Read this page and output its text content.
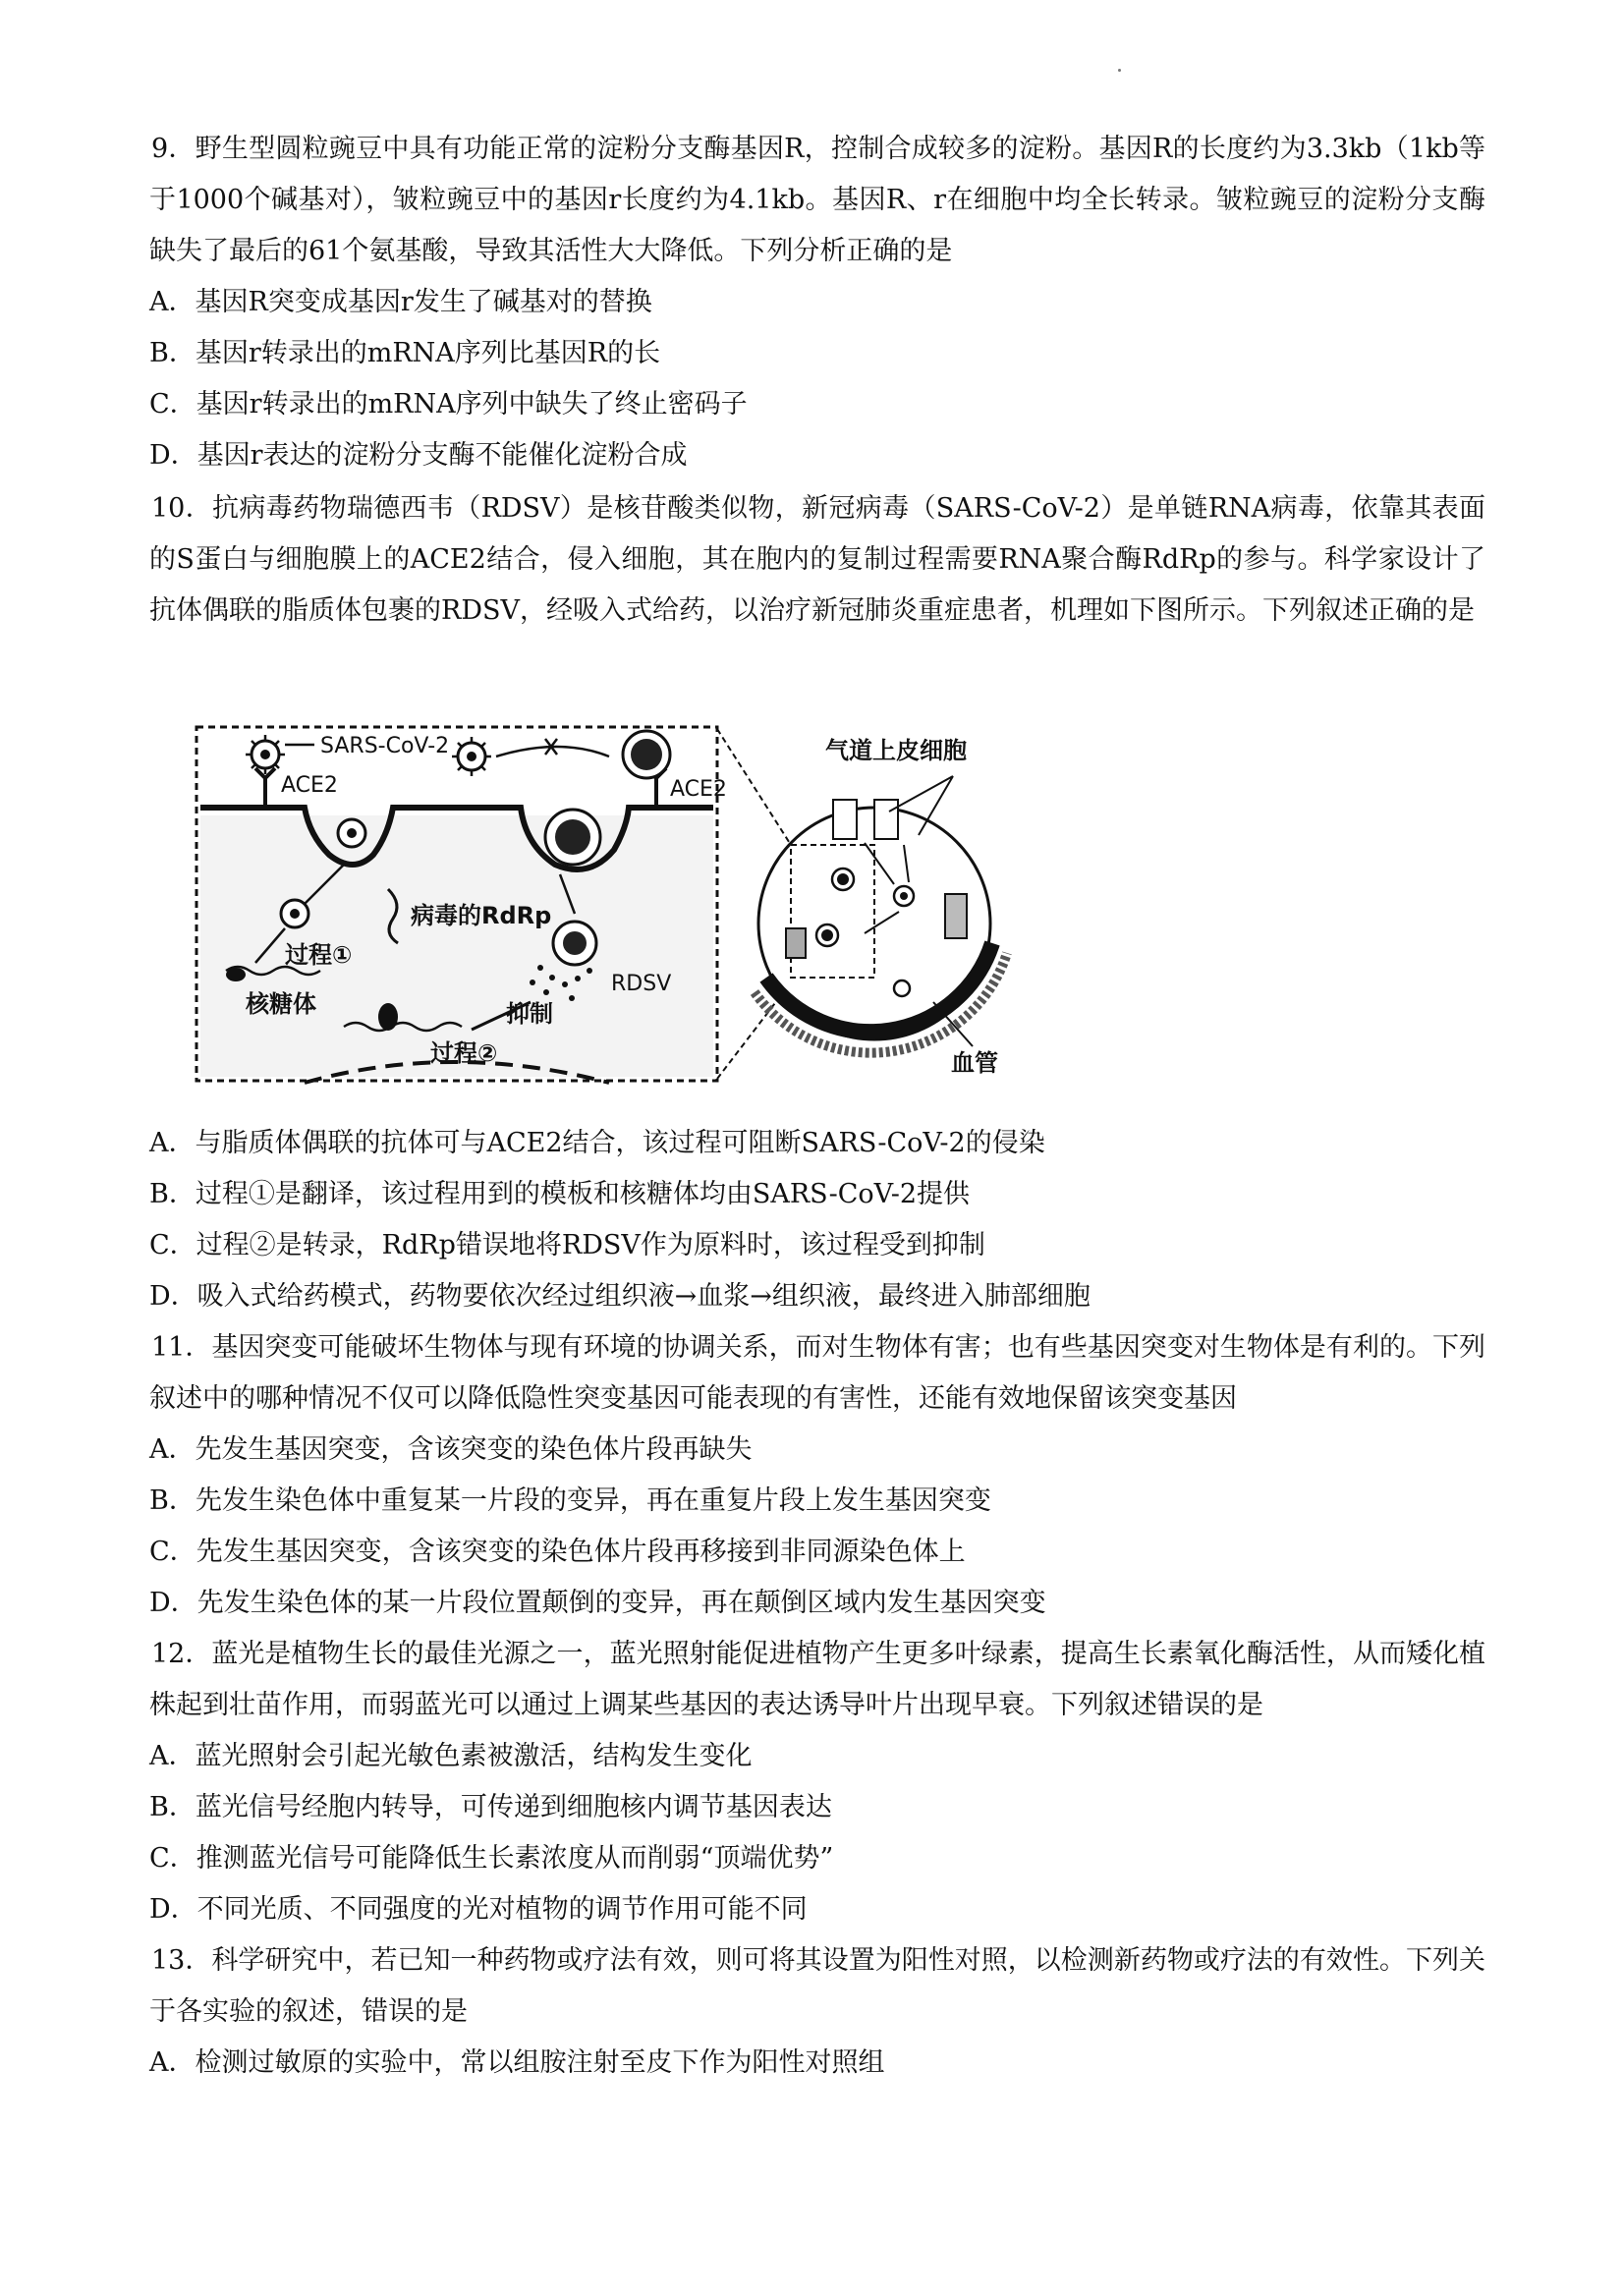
9．野生型圆粒豌豆中具有功能正常的淀粉分支酶基因R，控制合成较多的淀粉。基因R的长度约为3.3kb（1kb等于1000个碱基对），皱粒豌豆中的基因r长度约为4.1kb。基因R、r在细胞中均全长转录。皱粒豌豆的淀粉分支酶缺失了最后的61个氨基酸，导致其活性大大降低。下列分析正确的是

A．基因R突变成基因r发生了碱基对的替换

B．基因r转录出的mRNA序列比基因R的长

C．基因r转录出的mRNA序列中缺失了终止密码子

D．基因r表达的淀粉分支酶不能催化淀粉合成

10．抗病毒药物瑞德西韦（RDSV）是核苷酸类似物，新冠病毒（SARS-CoV-2）是单链RNA病毒，依靠其表面的S蛋白与细胞膜上的ACE2结合，侵入细胞，其在胞内的复制过程需要RNA聚合酶RdRp的参与。科学家设计了抗体偶联的脂质体包裹的RDSV，经吸入式给药，以治疗新冠肺炎重症患者，机理如下图所示。下列叙述正确的是

SARS-CoV-2
ACE2	ACE2
病毒的RdRp
过程①
核糖体
过程②
抑制
RDSV
气道上皮细胞
血管

A．与脂质体偶联的抗体可与ACE2结合，该过程可阻断SARS-CoV-2的侵染

B．过程①是翻译，该过程用到的模板和核糖体均由SARS-CoV-2提供

C．过程②是转录，RdRp错误地将RDSV作为原料时，该过程受到抑制

D．吸入式给药模式，药物要依次经过组织液→血浆→组织液，最终进入肺部细胞

11．基因突变可能破坏生物体与现有环境的协调关系，而对生物体有害；也有些基因突变对生物体是有利的。下列叙述中的哪种情况不仅可以降低隐性突变基因可能表现的有害性，还能有效地保留该突变基因

A．先发生基因突变，含该突变的染色体片段再缺失

B．先发生染色体中重复某一片段的变异，再在重复片段上发生基因突变

C．先发生基因突变，含该突变的染色体片段再移接到非同源染色体上

D．先发生染色体的某一片段位置颠倒的变异，再在颠倒区域内发生基因突变

12．蓝光是植物生长的最佳光源之一，蓝光照射能促进植物产生更多叶绿素，提高生长素氧化酶活性，从而矮化植株起到壮苗作用，而弱蓝光可以通过上调某些基因的表达诱导叶片出现早衰。下列叙述错误的是

A．蓝光照射会引起光敏色素被激活，结构发生变化

B．蓝光信号经胞内转导，可传递到细胞核内调节基因表达

C．推测蓝光信号可能降低生长素浓度从而削弱“顶端优势”

D．不同光质、不同强度的光对植物的调节作用可能不同

13．科学研究中，若已知一种药物或疗法有效，则可将其设置为阳性对照，以检测新药物或疗法的有效性。下列关于各实验的叙述，错误的是

A．检测过敏原的实验中，常以组胺注射至皮下作为阳性对照组
